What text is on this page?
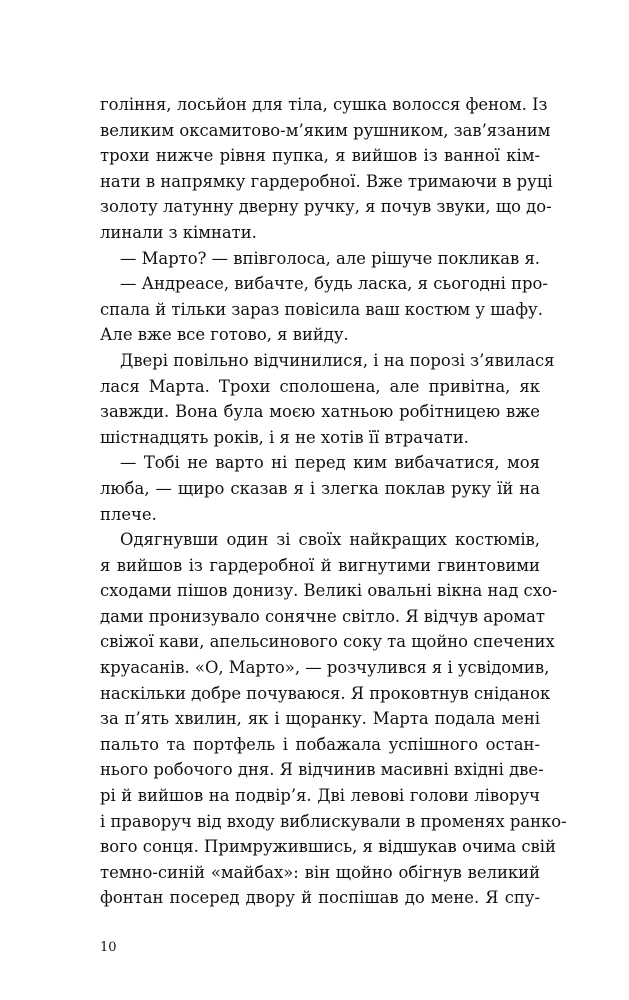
гоління, лосьйон для тіла, сушка волосся феном. Із
великим оксамитово-м’яким рушником, зав’язаним
трохи нижче рівня пупка, я вийшов із ванної кім-
нати в напрямку гардеробної. Вже тримаючи в руці
золоту латунну дверну ручку, я почув звуки, що до-
линали з кімнати.
— Марто? — впівголоса, але рішуче покликав я.
— Андреасе, вибачте, будь ласка, я сьогодні про-
спала й тільки зараз повісила ваш костюм у шафу.
Але вже все готово, я вийду.
Двері повільно відчинилися, і на порозі з’явилася
лася Марта. Трохи сполошена, але привітна, як
завжди. Вона була моєю хатньою робітницею вже
шістнадцять років, і я не хотів її втрачати.
— Тобі не варто ні перед ким вибачатися, моя
люба, — щиро сказав я і злегка поклав руку їй на
плече.
Одягнувши один зі своїх найкращих костюмів,
я вийшов із гардеробної й вигнутими гвинтовими
сходами пішов донизу. Великі овальні вікна над схо-
дами пронизувало сонячне світло. Я відчув аромат
свіжої кави, апельсинового соку та щойно спечених
круасанів. «О, Марто», — розчулився я і усвідомив,
наскільки добре почуваюся. Я проковтнув сніданок
за п’ять хвилин, як і щоранку. Марта подала мені
пальто та портфель і побажала успішного остан-
нього робочого дня. Я відчинив масивні вхідні две-
рі й вийшов на подвір’я. Дві левові голови ліворуч
і праворуч від входу виблискували в променях ранко-
вого сонця. Примружившись, я відшукав очима свій
темно-синій «майбах»: він щойно обігнув великий
фонтан посеред двору й поспішав до мене. Я спу-
10
